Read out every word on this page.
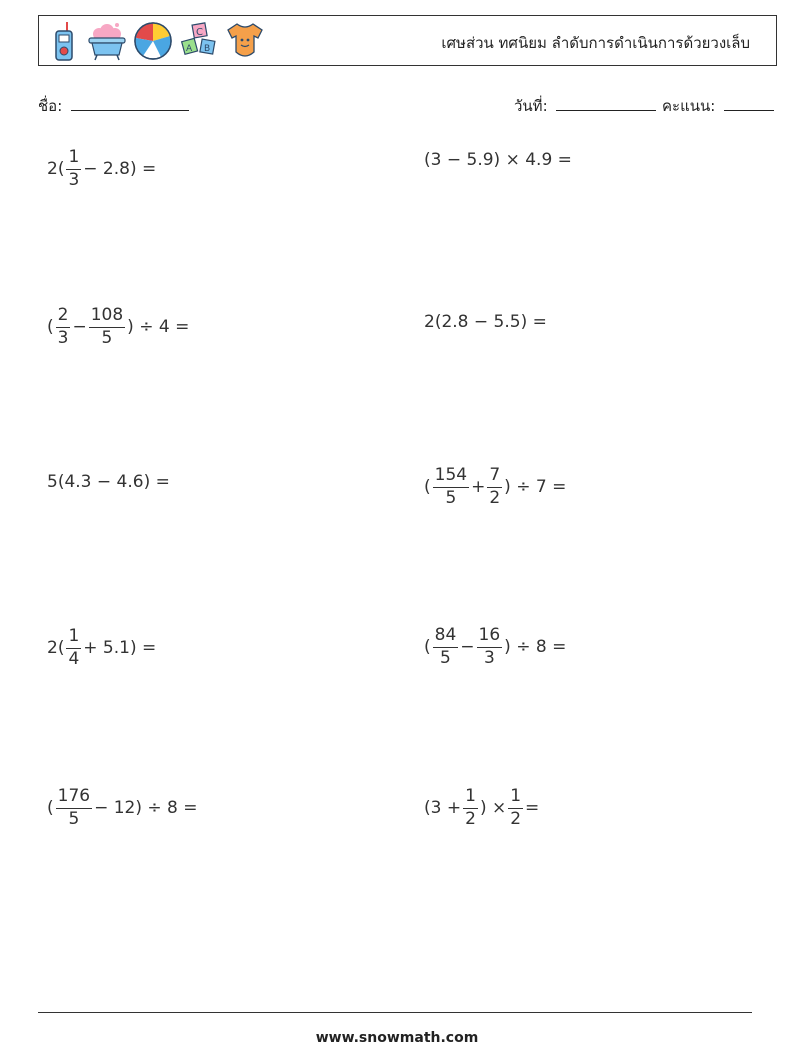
C
A B	เศษส่วน ทศนิยม ลำดับการดำเนินการด้วยวงเล็บ
ชื่อ:	วันที่:	คะแนน:
$2( \frac{1}{3} - 2.8)$ =	(3 − 5.9) × 4.9 =
( $\frac{2}{3} - \frac{108}{5}$ ) ÷ 4 =	2(2.8 − 5.5) =
5(4.3 − 4.6) =	( $\frac{154}{5} + \frac{7}{2}$ ) ÷ 7 =
$2( \frac{1}{4} + 5.1)$ =	( $\frac{84}{5} - \frac{16}{3}$ ) ÷ 8 =
( $\frac{176}{5} - 12) \div 8$ =	($3 + \frac{1}{2}$ ) × $\frac{1}{2}$ =
www.snowmath.com
